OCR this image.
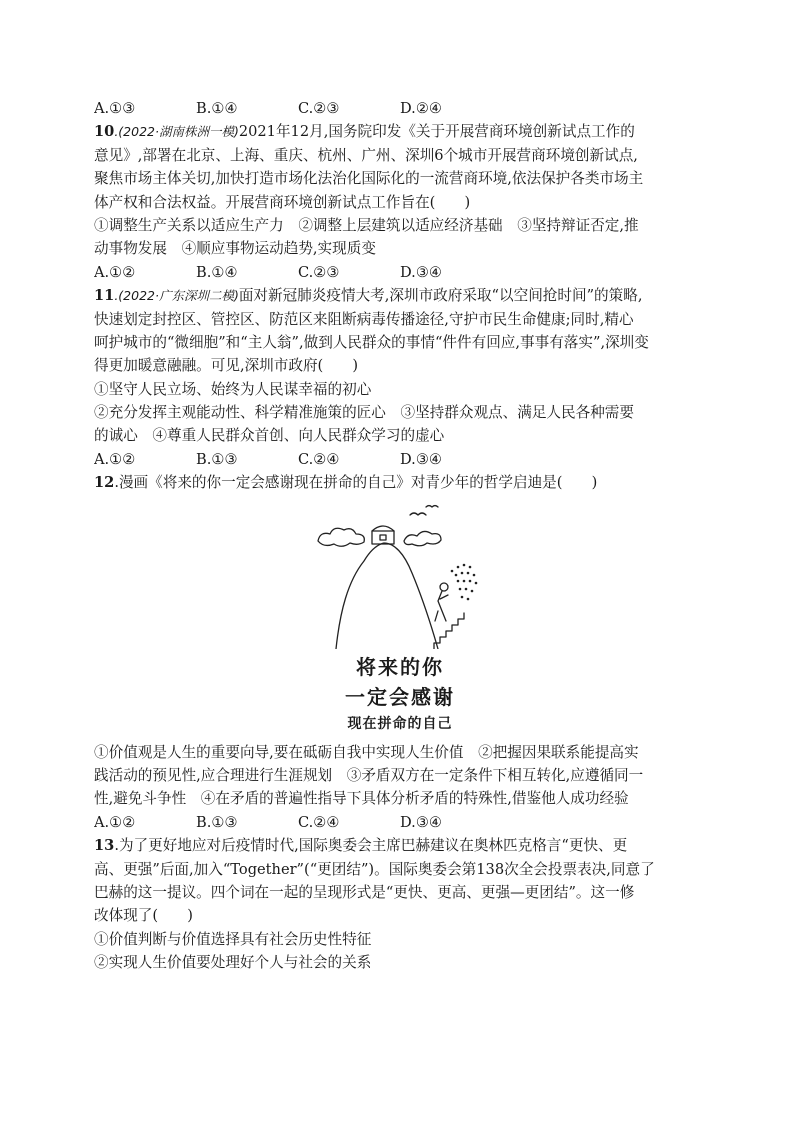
A.①③	B.①④	C.②③	D.②④
10.(2022·湖南株洲一模)2021年12月,国务院印发《关于开展营商环境创新试点工作的
意见》,部署在北京、上海、重庆、杭州、广州、深圳6个城市开展营商环境创新试点,
聚焦市场主体关切,加快打造市场化法治化国际化的一流营商环境,依法保护各类市场主
体产权和合法权益。开展营商环境创新试点工作旨在(　　)
①调整生产关系以适应生产力　②调整上层建筑以适应经济基础　③坚持辩证否定,推
动事物发展　④顺应事物运动趋势,实现质变
A.①②	B.①④	C.②③	D.③④
11.(2022·广东深圳二模)面对新冠肺炎疫情大考,深圳市政府采取“以空间抢时间”的策略,
快速划定封控区、管控区、防范区来阻断病毒传播途径,守护市民生命健康;同时,精心
呵护城市的“微细胞”和“主人翁”,做到人民群众的事情“件件有回应,事事有落实”,深圳变
得更加暖意融融。可见,深圳市政府(　　)
①坚守人民立场、始终为人民谋幸福的初心
②充分发挥主观能动性、科学精准施策的匠心　③坚持群众观点、满足人民各种需要
的诚心　④尊重人民群众首创、向人民群众学习的虚心
A.①②	B.①③	C.②④	D.③④
12.漫画《将来的你一定会感谢现在拼命的自己》对青少年的哲学启迪是(　　)
将来的你
一定会感谢
现在拼命的自己
①价值观是人生的重要向导,要在砥砺自我中实现人生价值　②把握因果联系能提高实
践活动的预见性,应合理进行生涯规划　③矛盾双方在一定条件下相互转化,应遵循同一
性,避免斗争性　④在矛盾的普遍性指导下具体分析矛盾的特殊性,借鉴他人成功经验
A.①②	B.①③	C.②④	D.③④
13.为了更好地应对后疫情时代,国际奥委会主席巴赫建议在奥林匹克格言“更快、更
高、更强”后面,加入“Together”(“更团结”)。国际奥委会第138次全会投票表决,同意了
巴赫的这一提议。四个词在一起的呈现形式是“更快、更高、更强—更团结”。这一修
改体现了(　　)
①价值判断与价值选择具有社会历史性特征
②实现人生价值要处理好个人与社会的关系
